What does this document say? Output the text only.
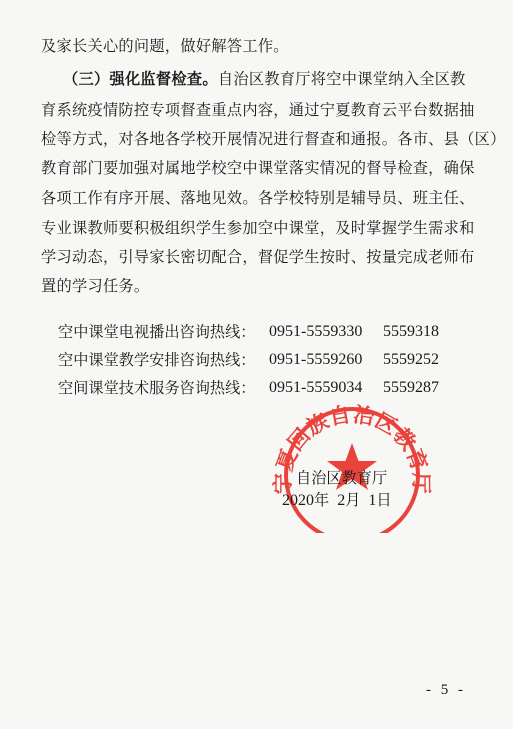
及家长关心的问题，做好解答工作。
（三）强化监督检查。自治区教育厅将空中课堂纳入全区教
育系统疫情防控专项督查重点内容，通过宁夏教育云平台数据抽
检等方式，对各地各学校开展情况进行督查和通报。各市、县（区）
教育部门要加强对属地学校空中课堂落实情况的督导检查，确保
各项工作有序开展、落地见效。各学校特别是辅导员、班主任、
专业课教师要积极组织学生参加空中课堂，及时掌握学生需求和
学习动态，引导家长密切配合，督促学生按时、按量完成老师布
置的学习任务。
空中课堂电视播出咨询热线： 0951-5559330 5559318
空中课堂教学安排咨询热线： 0951-5559260 5559252
空间课堂技术服务咨询热线： 0951-5559034 5559287
宁夏回族自治区教育厅
自治区教育厅
2020年 2月 1日
- 5 -
